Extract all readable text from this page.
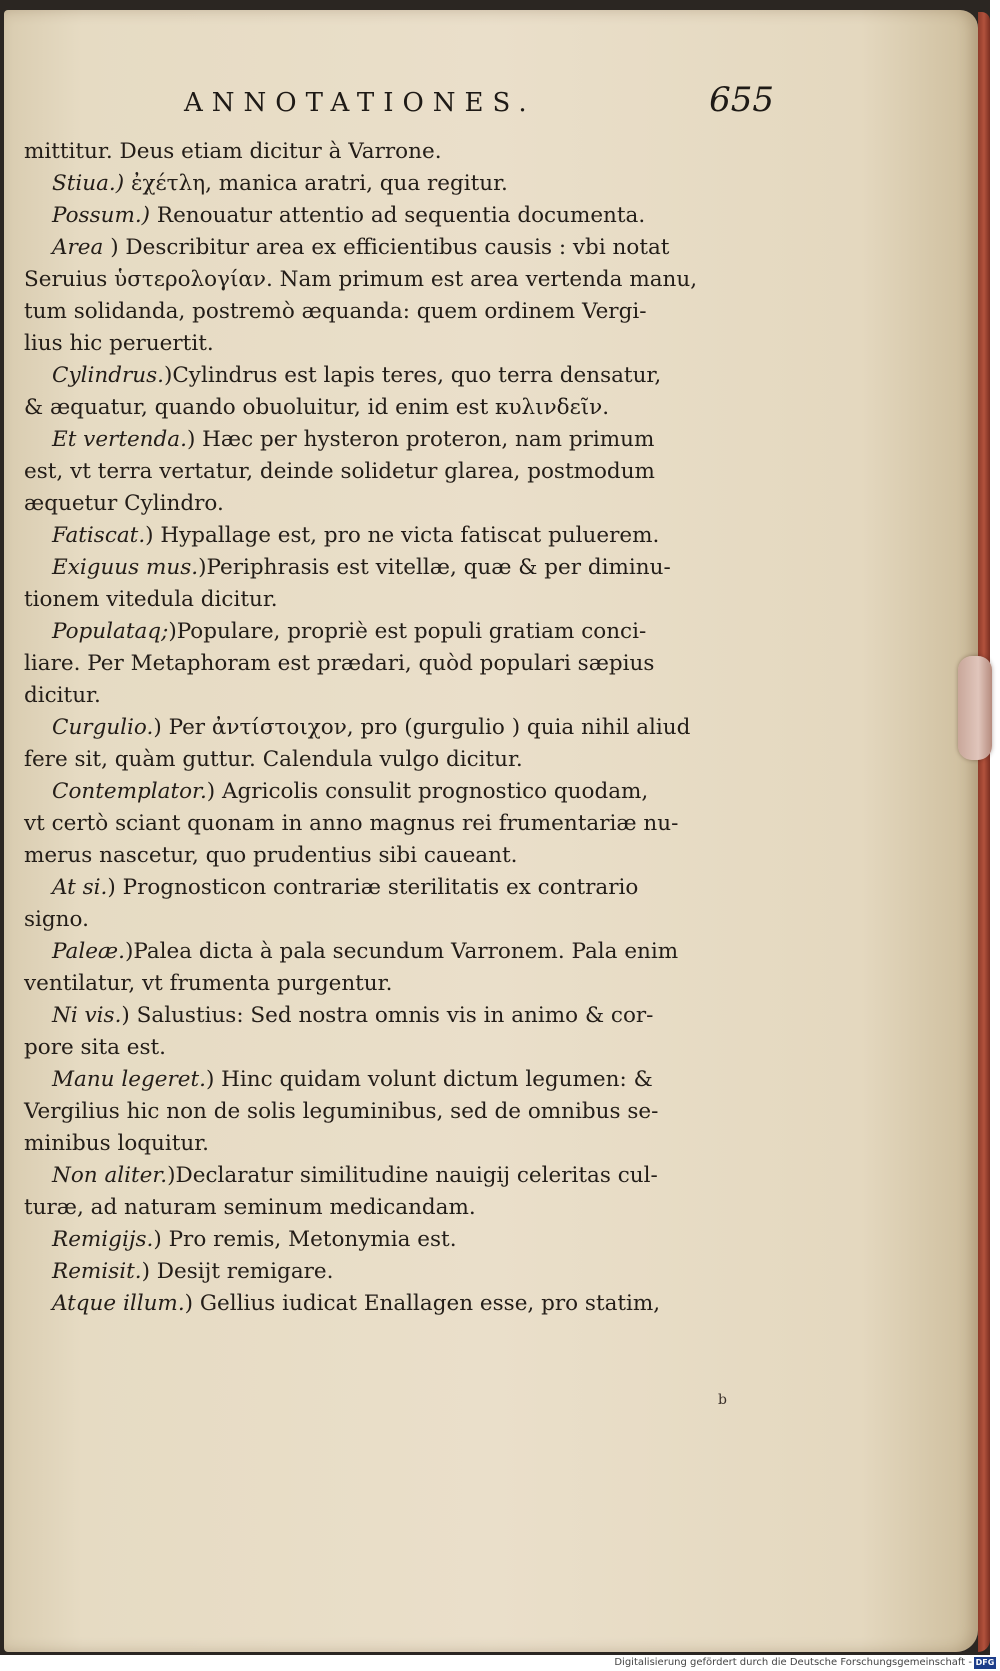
ANNOTATIONES.	655
mittitur. Deus etiam dicitur à Varrone.
Stiua.) ἐχέτλη, manica aratri, qua regitur.
Possum.) Renouatur attentio ad sequentia documenta.
Area ) Describitur area ex efficientibus causis : vbi notat
Seruius ὑστερολογίαν. Nam primum est area vertenda manu,
tum solidanda, postremò æquanda: quem ordinem Vergi-
lius hic peruertit.
Cylindrus.)Cylindrus est lapis teres, quo terra densatur,
& æquatur, quando obuoluitur, id enim est κυλινδεῖν.
Et vertenda.) Hæc per hysteron proteron, nam primum
est, vt terra vertatur, deinde solidetur glarea, postmodum
æquetur Cylindro.
Fatiscat.) Hypallage est, pro ne victa fatiscat puluerem.
Exiguus mus.)Periphrasis est vitellæ, quæ & per diminu-
tionem vitedula dicitur.
Populataq;)Populare, propriè est populi gratiam conci-
liare. Per Metaphoram est prædari, quòd populari sæpius
dicitur.
Curgulio.) Per ἀντίστοιχον, pro (gurgulio ) quia nihil aliud
fere sit, quàm guttur. Calendula vulgo dicitur.
Contemplator.) Agricolis consulit prognostico quodam,
vt certò sciant quonam in anno magnus rei frumentariæ nu-
merus nascetur, quo prudentius sibi caueant.
At si.) Prognosticon contrariæ sterilitatis ex contrario
signo.
Paleæ.)Palea dicta à pala secundum Varronem. Pala enim
ventilatur, vt frumenta purgentur.
Ni vis.) Salustius: Sed nostra omnis vis in animo & cor-
pore sita est.
Manu legeret.) Hinc quidam volunt dictum legumen: &
Vergilius hic non de solis leguminibus, sed de omnibus se-
minibus loquitur.
Non aliter.)Declaratur similitudine nauigij celeritas cul-
turæ, ad naturam seminum medicandam.
Remigijs.) Pro remis, Metonymia est.
Remisit.) Desijt remigare.
Atque illum.) Gellius iudicat Enallagen esse, pro statim,
b
Digitalisierung gefördert durch die Deutsche Forschungsgemeinschaft - DFG
